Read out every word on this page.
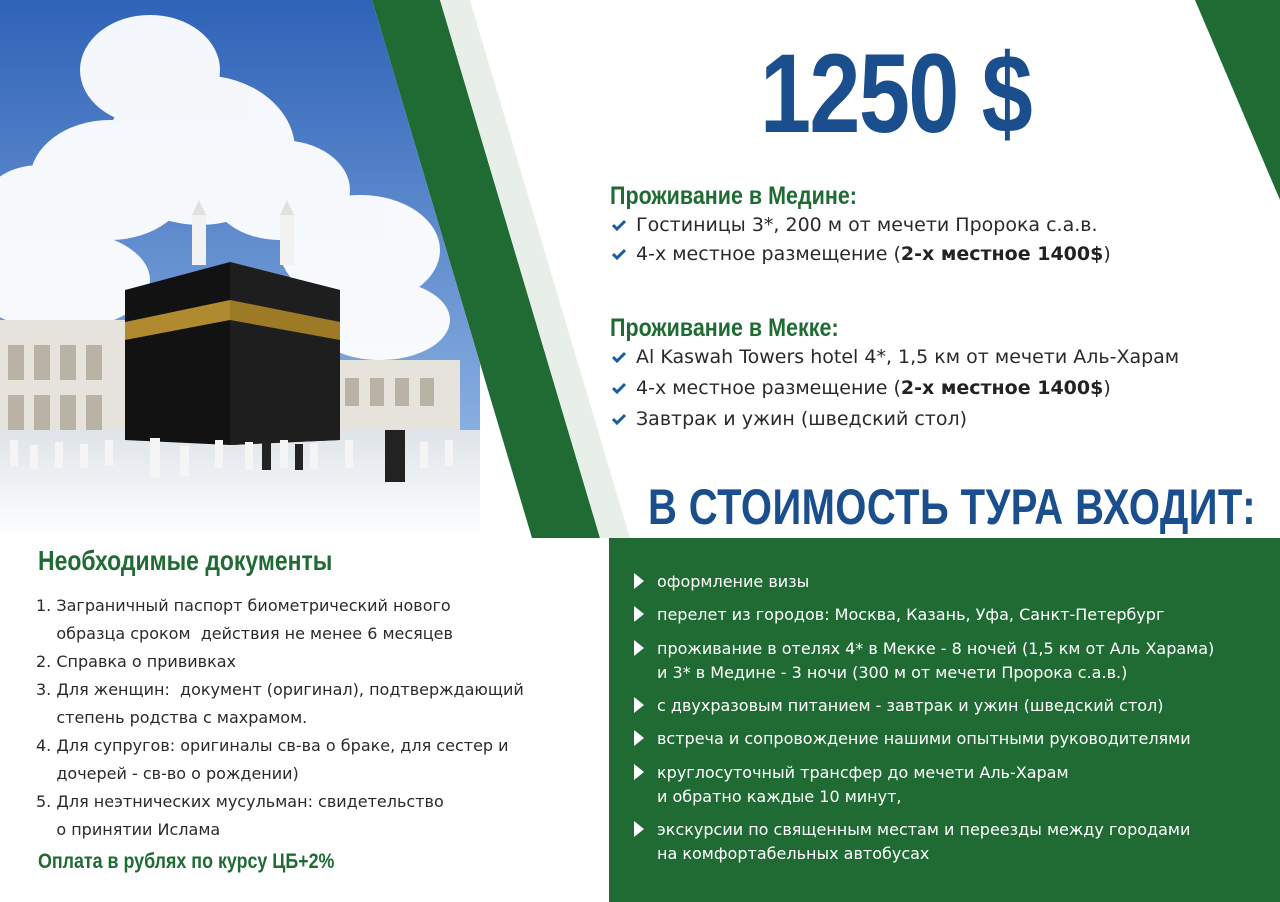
1250 $
Проживание в Медине:
Гостиницы 3*, 200 м от мечети Пророка с.а.в.
4-х местное размещение ( 2-х местное 1400$ )
Проживание в Мекке:
Al Kaswah Towers hotel 4*, 1,5 км от мечети Аль-Харам
4-х местное размещение ( 2-х местное 1400$ )
Завтрак и ужин (шведский стол)
В СТОИМОСТЬ ТУРА ВХОДИТ:
оформление визы
перелет из городов: Москва, Казань, Уфа, Санкт-Петербург
проживание в отелях 4* в Мекке - 8 ночей (1,5 км от Аль Харама)
и 3* в Медине - 3 ночи (300 м от мечети Пророка с.а.в.)
с двухразовым питанием - завтрак и ужин (шведский стол)
встреча и сопровождение нашими опытными руководителями
круглосуточный трансфер до мечети Аль-Харам
и обратно каждые 10 минут,
экскурсии по священным местам и переезды между городами
на комфортабельных автобусах
Необходимые документы
1. Заграничный паспорт биометрический нового
образца сроком  действия не менее 6 месяцев
2. Справка о прививках
3. Для женщин:  документ (оригинал), подтверждающий
степень родства с махрамом.
4. Для супругов: оригиналы св-ва о браке, для сестер и
дочерей - св-во о рождении)
5. Для неэтнических мусульман: свидетельство
о принятии Ислама
Оплата в рублях по курсу ЦБ+2%
